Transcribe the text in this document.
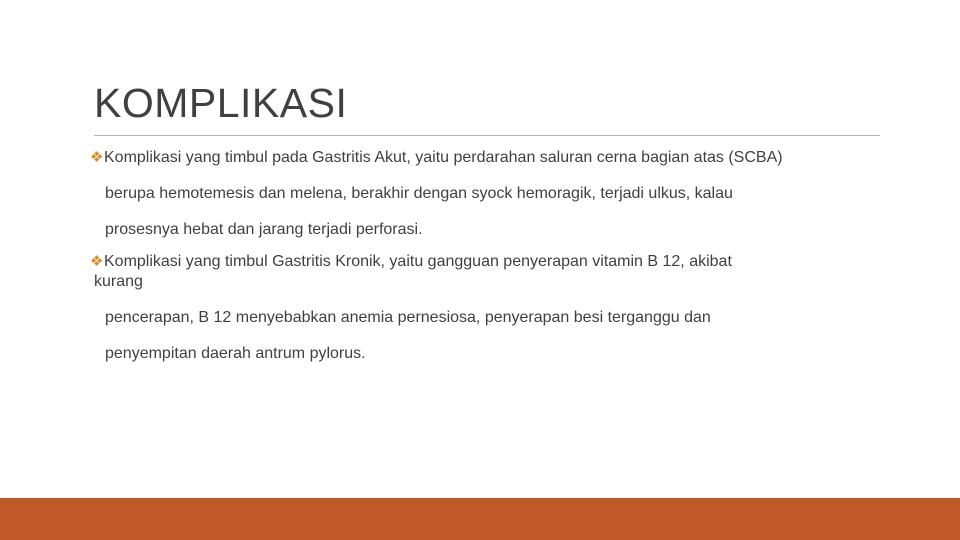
KOMPLIKASI
❖Komplikasi yang timbul pada Gastritis Akut, yaitu perdarahan saluran cerna bagian atas (SCBA)
berupa hemotemesis dan melena, berakhir dengan syock hemoragik, terjadi ulkus, kalau
prosesnya hebat dan jarang terjadi perforasi.
❖Komplikasi yang timbul Gastritis Kronik, yaitu gangguan penyerapan vitamin B 12, akibat
kurang
pencerapan, B 12 menyebabkan anemia pernesiosa, penyerapan besi terganggu dan
penyempitan daerah antrum pylorus.
